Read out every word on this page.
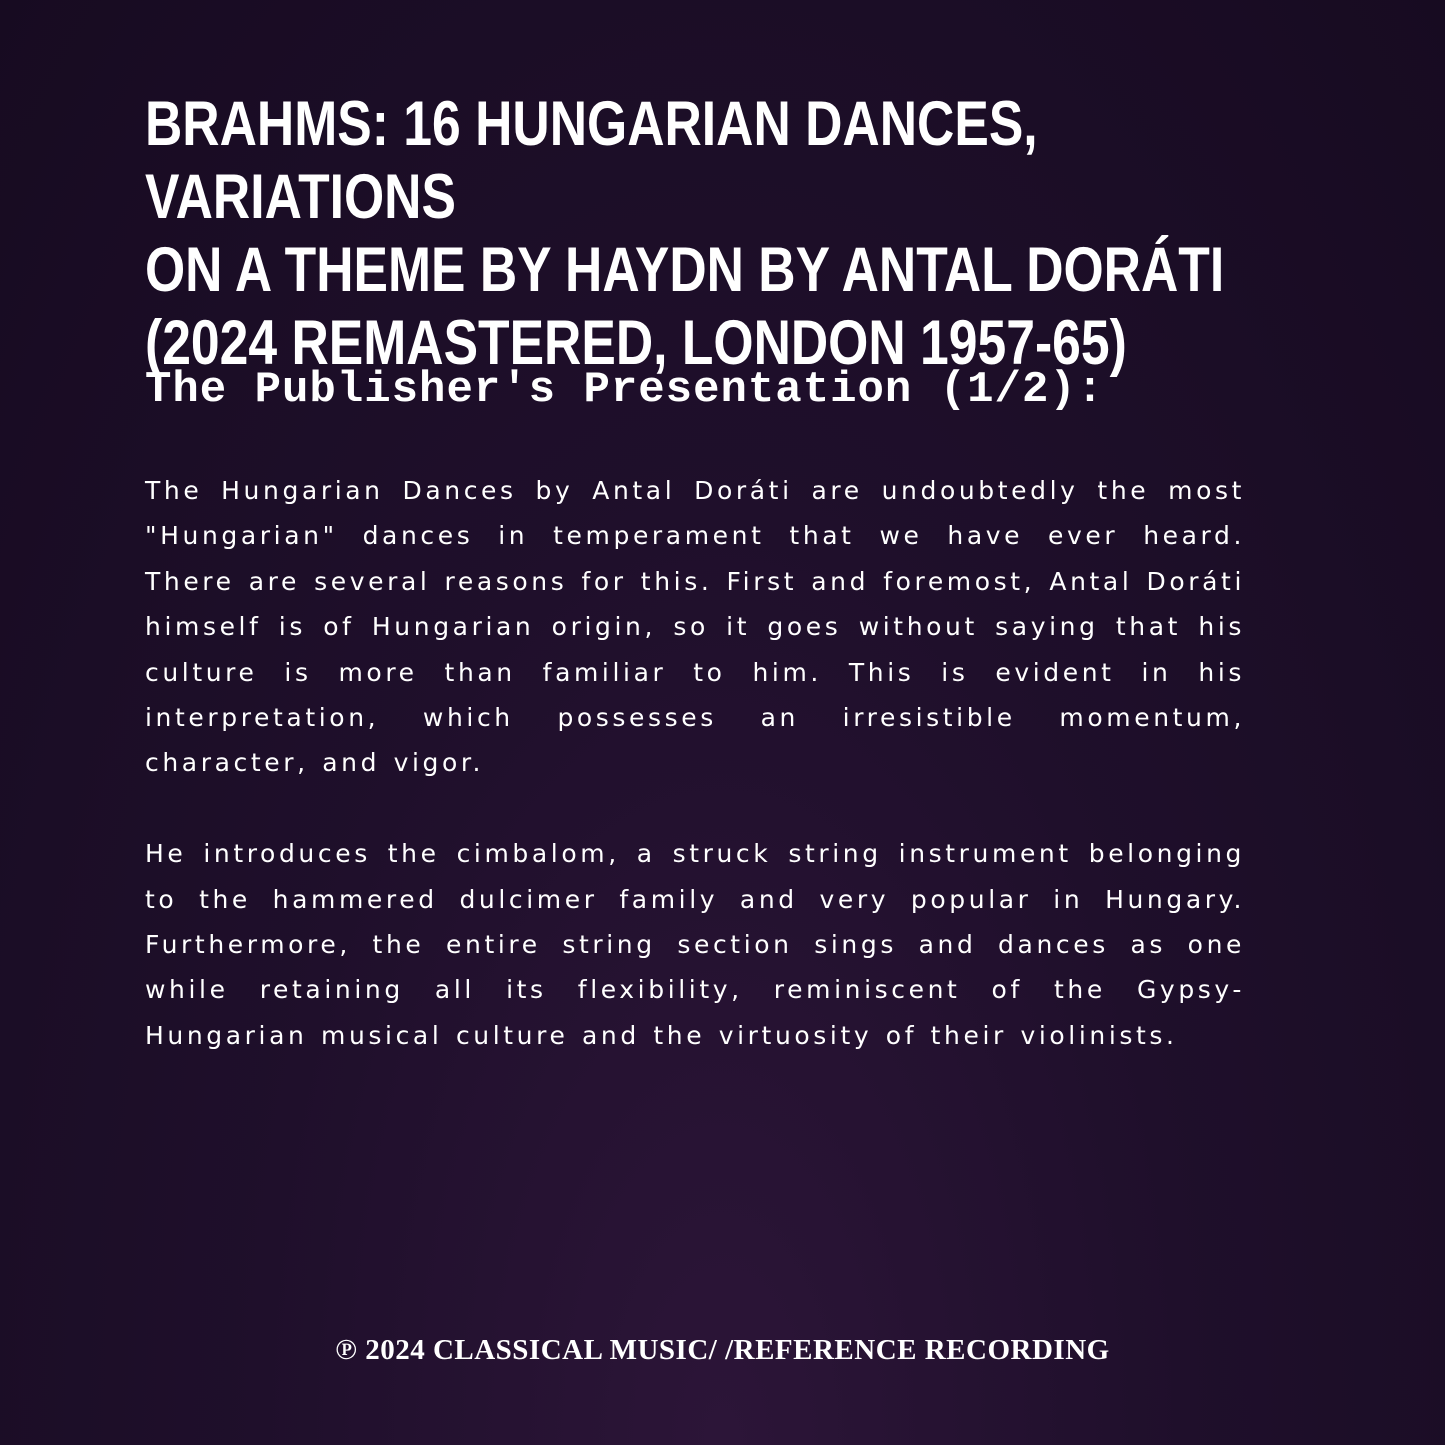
BRAHMS: 16 HUNGARIAN DANCES, VARIATIONS
ON A THEME BY HAYDN BY ANTAL DORÁTI
(2024 REMASTERED, LONDON 1957-65)
The Publisher's Presentation (1/2):

The Hungarian Dances by Antal Doráti are undoubtedly the most "Hungarian" dances in temperament that we have ever heard. There are several reasons for this. First and foremost, Antal Doráti himself is of Hungarian origin, so it goes without saying that his culture is more than familiar to him. This is evident in his interpretation, which possesses an irresistible momentum, character, and vigor.

He introduces the cimbalom, a struck string instrument belonging to the hammered dulcimer family and very popular in Hungary. Furthermore, the entire string section sings and dances as one while retaining all its flexibility, reminiscent of the Gypsy-Hungarian musical culture and the virtuosity of their violinists.

℗ 2024 CLASSICAL MUSIC/ /REFERENCE RECORDING
